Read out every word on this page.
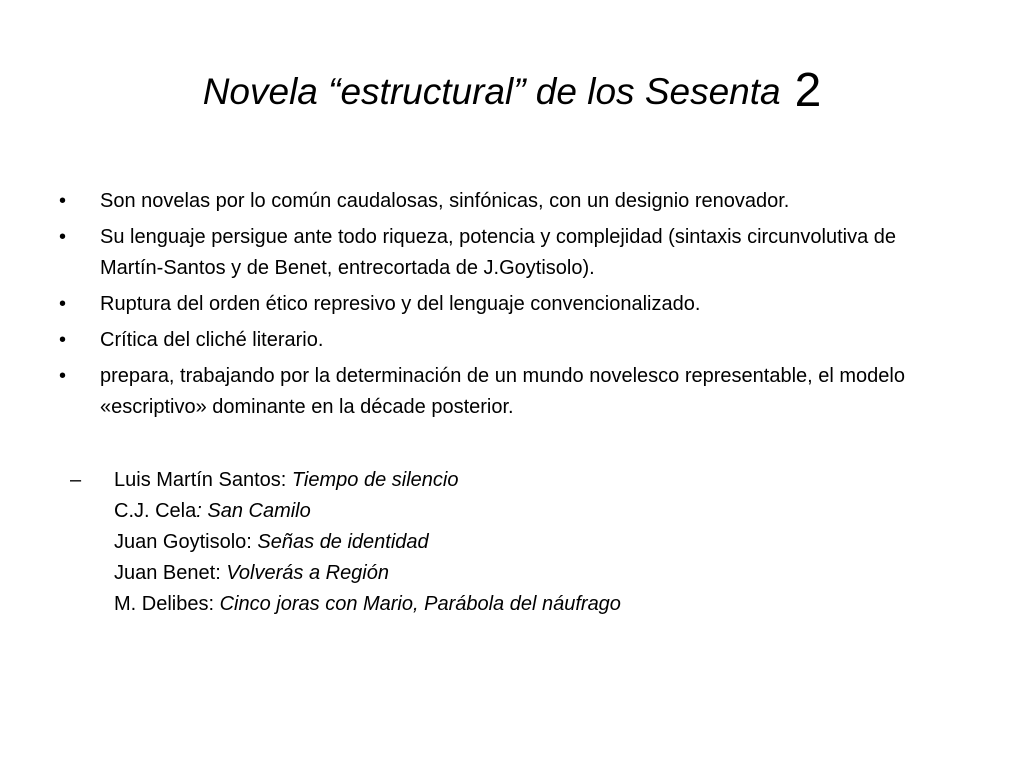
Novela “estructural” de los Sesenta 2
• Son novelas por lo común caudalosas, sinfónicas, con un designio renovador.
• Su lenguaje persigue ante todo riqueza, potencia y complejidad (sintaxis circunvolutiva de Martín-Santos y de Benet, entrecortada de J.Goytisolo).
• Ruptura del orden ético represivo y del lenguaje convencionalizado.
• Crítica del cliché literario.
• prepara, trabajando por la determinación de un mundo novelesco representable, el modelo «escriptivo» dominante en la décade posterior.
– Luis Martín Santos: Tiempo de silencio
C.J. Cela: San Camilo
Juan Goytisolo: Señas de identidad
Juan Benet: Volverás a Región
M. Delibes: Cinco joras con Mario, Parábola del náufrago
